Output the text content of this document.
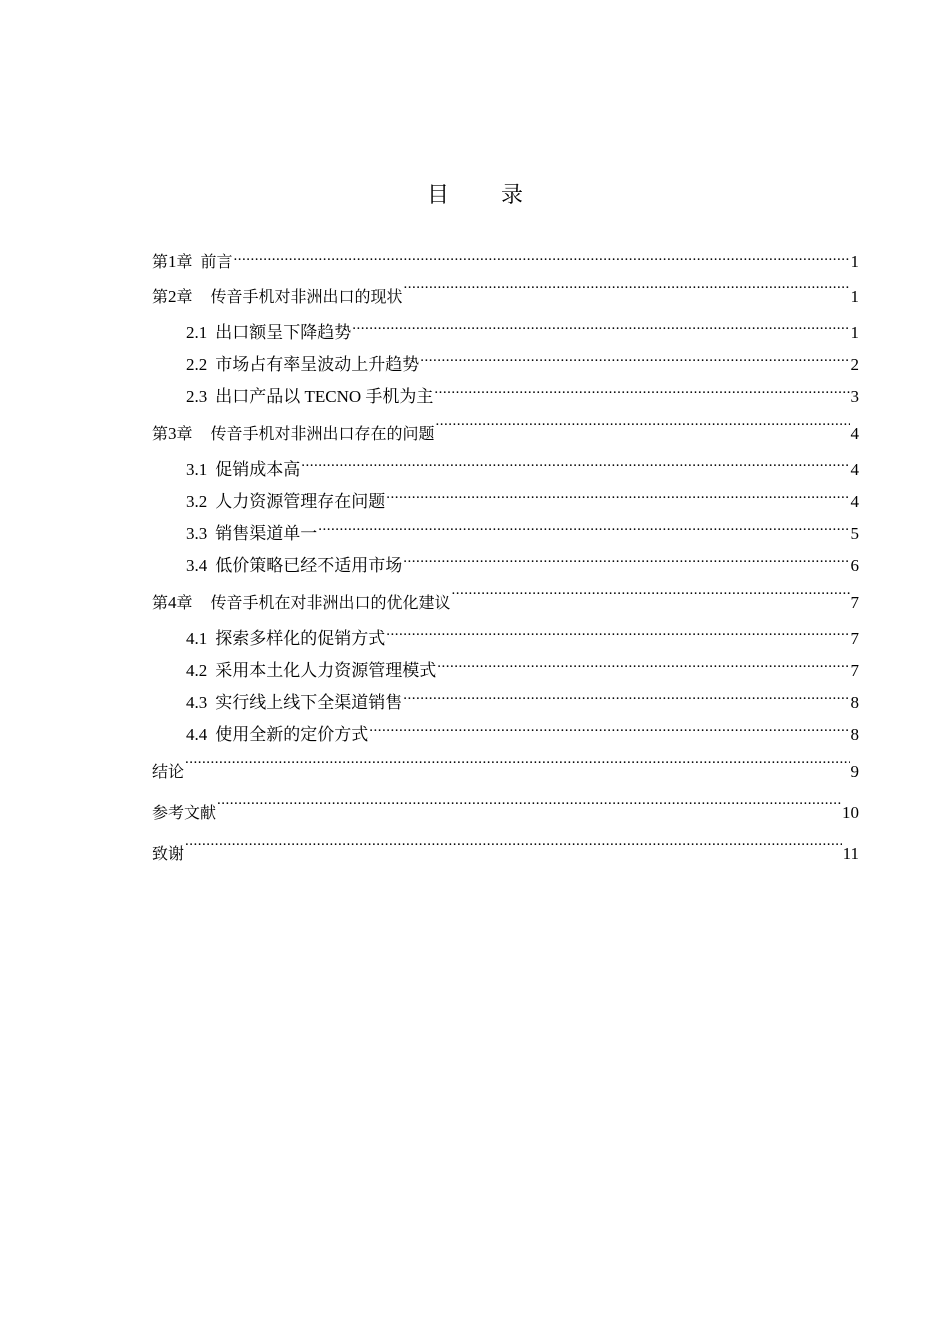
目 录
第1章 前言 .....	1
第2章 传音手机对非洲出口的现状 .....	1
2.1 出口额呈下降趋势 .....	1
2.2 市场占有率呈波动上升趋势 .....	2
2.3 出口产品以 TECNO 手机为主 .....	3
第3章 传音手机对非洲出口存在的问题 .....	4
3.1 促销成本高 .....	4
3.2 人力资源管理存在问题 .....	4
3.3 销售渠道单一 .....	5
3.4 低价策略已经不适用市场 .....	6
第4章 传音手机在对非洲出口的优化建议 .....	7
4.1 探索多样化的促销方式 .....	7
4.2 采用本土化人力资源管理模式 .....	7
4.3 实行线上线下全渠道销售 .....	8
4.4 使用全新的定价方式 .....	8
结论 .....	9
参考文献 .....	10
致谢 .....	11
